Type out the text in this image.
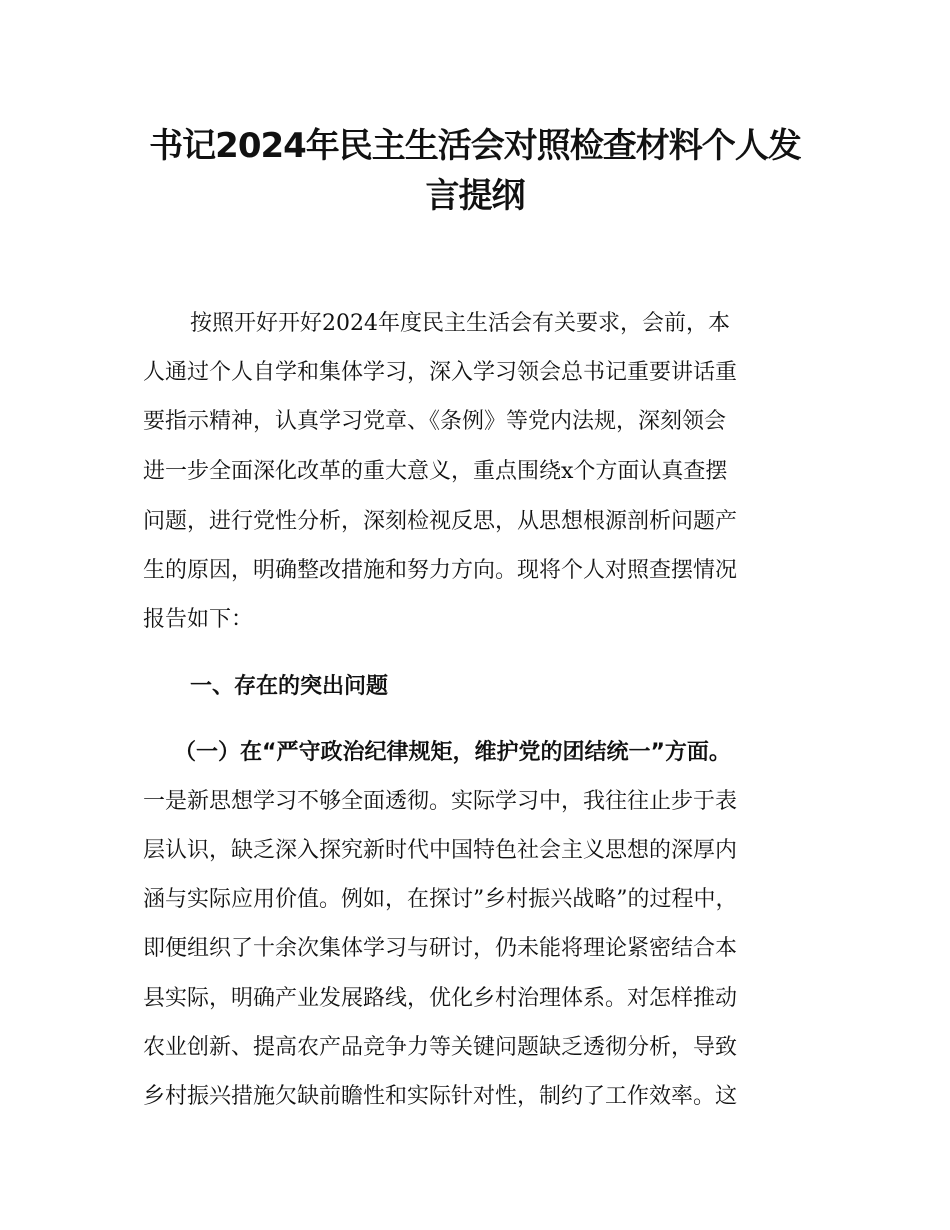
书记2024年民主生活会对照检查材料个人发
言提纲
按照开好开好2024年度民主生活会有关要求，会前，本
人通过个人自学和集体学习，深入学习领会总书记重要讲话重
要指示精神，认真学习党章、《条例》等党内法规，深刻领会
进一步全面深化改革的重大意义，重点围绕x个方面认真查摆
问题，进行党性分析，深刻检视反思，从思想根源剖析问题产
生的原因，明确整改措施和努力方向。现将个人对照查摆情况
报告如下：
一、存在的突出问题
（一）在“严守政治纪律规矩，维护党的团结统一”方面。
一是新思想学习不够全面透彻。实际学习中，我往往止步于表
层认识，缺乏深入探究新时代中国特色社会主义思想的深厚内
涵与实际应用价值。例如，在探讨”乡村振兴战略”的过程中，
即便组织了十余次集体学习与研讨，仍未能将理论紧密结合本
县实际，明确产业发展路线，优化乡村治理体系。对怎样推动
农业创新、提高农产品竞争力等关键问题缺乏透彻分析，导致
乡村振兴措施欠缺前瞻性和实际针对性，制约了工作效率。这
